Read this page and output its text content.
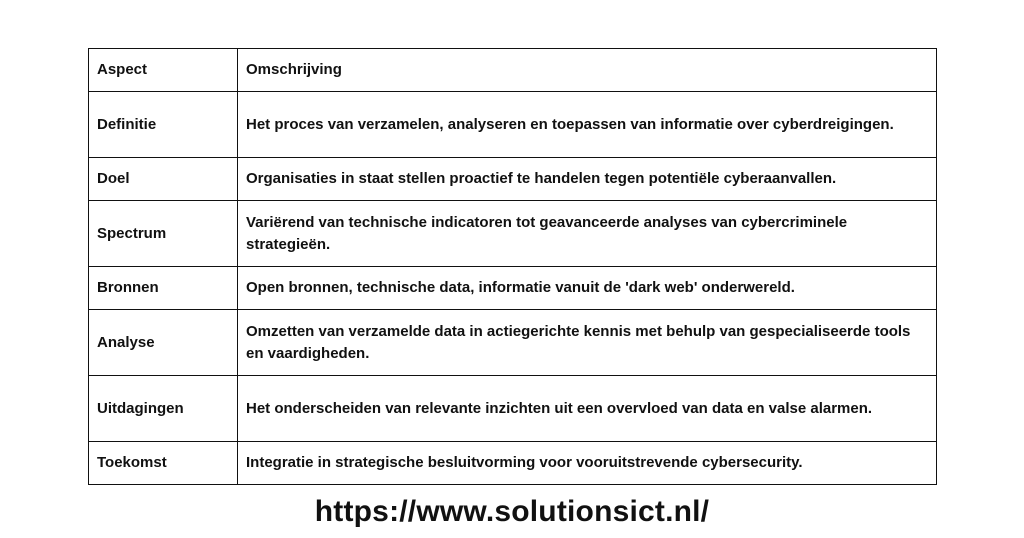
Aspect	Omschrijving
Definitie	Het proces van verzamelen, analyseren en toepassen van informatie over cyberdreigingen.
Doel	Organisaties in staat stellen proactief te handelen tegen potentiële cyberaanvallen.
Spectrum	Variërend van technische indicatoren tot geavanceerde analyses van cybercriminele strategieën.
Bronnen	Open bronnen, technische data, informatie vanuit de 'dark web' onderwereld.
Analyse	Omzetten van verzamelde data in actiegerichte kennis met behulp van gespecialiseerde tools en vaardigheden.
Uitdagingen	Het onderscheiden van relevante inzichten uit een overvloed van data en valse alarmen.
Toekomst	Integratie in strategische besluitvorming voor vooruitstrevende cybersecurity.
https://www.solutionsict.nl/
